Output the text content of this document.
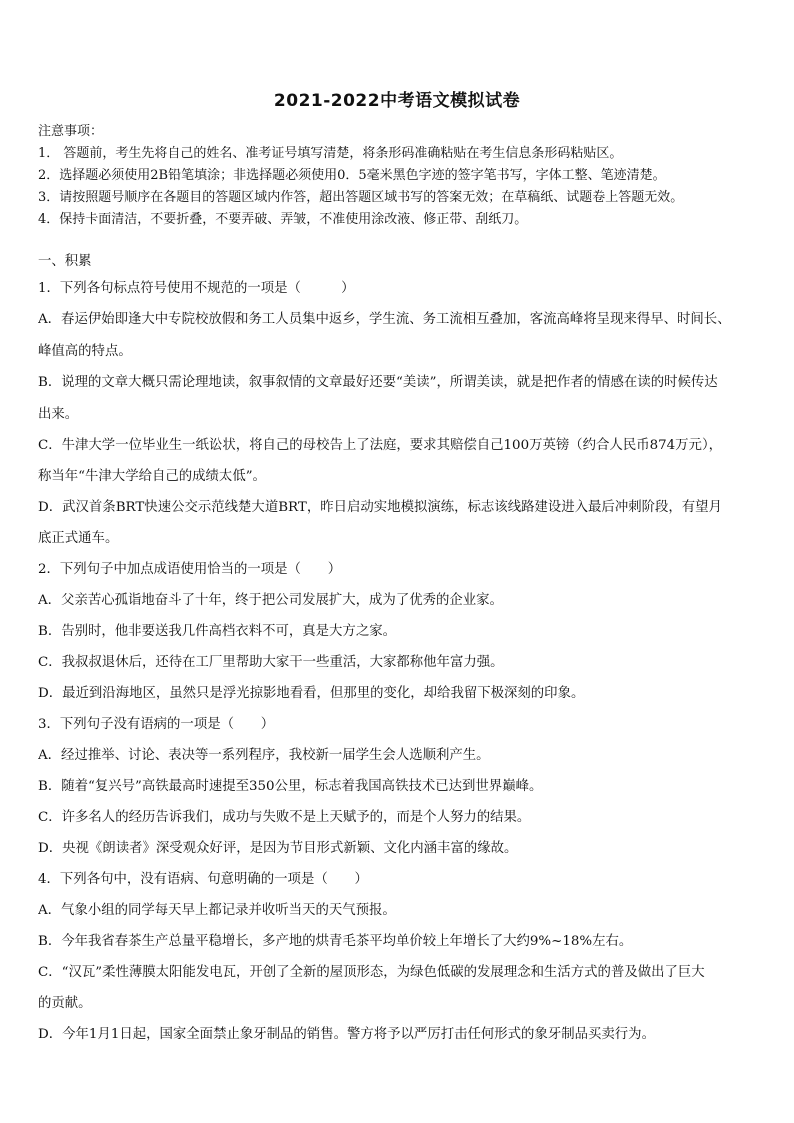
2021-2022中考语文模拟试卷
注意事项：
1． 答题前，考生先将自己的姓名、准考证号填写清楚，将条形码准确粘贴在考生信息条形码粘贴区。
2．选择题必须使用2B铅笔填涂；非选择题必须使用0．5毫米黑色字迹的签字笔书写，字体工整、笔迹清楚。
3．请按照题号顺序在各题目的答题区域内作答，超出答题区域书写的答案无效；在草稿纸、试题卷上答题无效。
4．保持卡面清洁，不要折叠，不要弄破、弄皱，不准使用涂改液、修正带、刮纸刀。
一、积累
1．下列各句标点符号使用不规范的一项是（　　　）
A．春运伊始即逢大中专院校放假和务工人员集中返乡，学生流、务工流相互叠加，客流高峰将呈现来得早、时间长、
峰值高的特点。
B．说理的文章大概只需论理地读，叙事叙情的文章最好还要“美读”，所谓美读，就是把作者的情感在读的时候传达
出来。
C．牛津大学一位毕业生一纸讼状，将自己的母校告上了法庭，要求其赔偿自己100万英镑（约合人民币874万元），
称当年“牛津大学给自己的成绩太低”。
D．武汉首条BRT快速公交示范线楚大道BRT，昨日启动实地模拟演练，标志该线路建设进入最后冲刺阶段，有望月
底正式通车。
2．下列句子中加点成语使用恰当的一项是（　　）
A．父亲苦心孤诣地奋斗了十年，终于把公司发展扩大，成为了优秀的企业家。
B．告别时，他非要送我几件高档衣料不可，真是大方之家。
C．我叔叔退休后，还待在工厂里帮助大家干一些重活，大家都称他年富力强。
D．最近到沿海地区，虽然只是浮光掠影地看看，但那里的变化，却给我留下极深刻的印象。
3．下列句子没有语病的一项是（　　）
A．经过推举、讨论、表决等一系列程序，我校新一届学生会人选顺利产生。
B．随着“复兴号”高铁最高时速提至350公里，标志着我国高铁技术已达到世界巅峰。
C．许多名人的经历告诉我们，成功与失败不是上天赋予的，而是个人努力的结果。
D．央视《朗读者》深受观众好评，是因为节目形式新颖、文化内涵丰富的缘故。
4．下列各句中，没有语病、句意明确的一项是（　　）
A．气象小组的同学每天早上都记录并收听当天的天气预报。
B．今年我省春茶生产总量平稳增长，多产地的烘青毛茶平均单价较上年增长了大约9%~18%左右。
C．“汉瓦”柔性薄膜太阳能发电瓦，开创了全新的屋顶形态，为绿色低碳的发展理念和生活方式的普及做出了巨大
的贡献。
D．今年1月1日起，国家全面禁止象牙制品的销售。警方将予以严厉打击任何形式的象牙制品买卖行为。
